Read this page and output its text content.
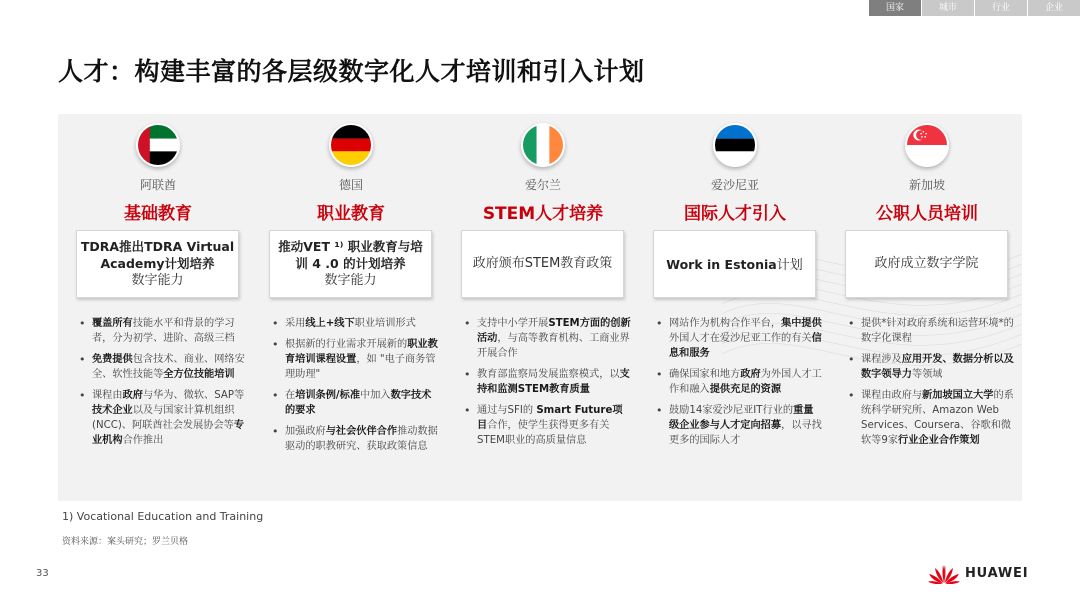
国家	城市	行业	企业
人才：构建丰富的各层级数字化人才培训和引入计划
阿联酋
基础教育
TDRA推出TDRA Virtual
Academy计划培养
数字能力
• 覆盖所有技能水平和背景的学习者，分为初学、进阶、高级三档
• 免费提供包含技术、商业、网络安全、软性技能等全方位技能培训
• 课程由政府与华为、微软、SAP等技术企业以及与国家计算机组织(NCC)、阿联酋社会发展协会等专业机构合作推出
德国
职业教育
推动VET ¹⁾ 职业教育与培
训 4 .0 的计划培养
数字能力
• 采用线上+线下职业培训形式
• 根据新的行业需求开展新的职业教育培训课程设置，如 "电子商务管理助理"
• 在培训条例/标准中加入数字技术的要求
• 加强政府与社会伙伴合作推动数据驱动的职教研究、获取政策信息
爱尔兰
STEM人才培养
政府颁布STEM教育政策
• 支持中小学开展STEM方面的创新活动，与高等教育机构、工商业界开展合作
• 教育部监察局发展监察模式，以支持和监测STEM教育质量
• 通过与SFI的 Smart Future项目合作，使学生获得更多有关STEM职业的高质量信息
爱沙尼亚
国际人才引入
Work in Estonia计划
• 网站作为机构合作平台，集中提供外国人才在爱沙尼亚工作的有关信息和服务
• 确保国家和地方政府为外国人才工作和融入提供充足的资源
• 鼓励14家爱沙尼亚IT行业的重量级企业参与人才定向招募，以寻找更多的国际人才
新加坡
公职人员培训
政府成立数字学院
• 提供*针对政府系统和运营环境*的数字化课程
• 课程涉及应用开发、数据分析以及数字领导力等领域
• 课程由政府与新加坡国立大学的系统科学研究所、Amazon Web Services、Coursera、谷歌和微软等9家行业企业合作策划
1) Vocational Education and Training
资料来源：案头研究；罗兰贝格
33	HUAWEI
